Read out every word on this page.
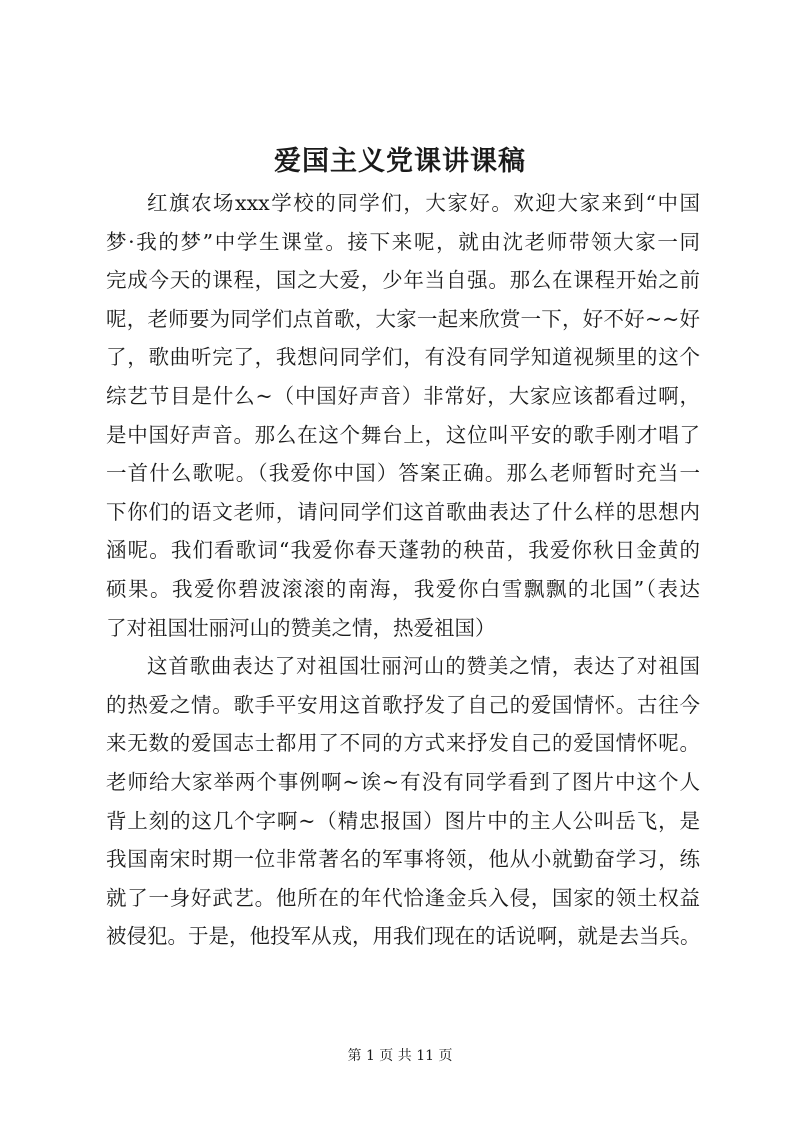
爱国主义党课讲课稿
红旗农场xxx学校的同学们，大家好。欢迎大家来到“中国
梦·我的梦”中学生课堂。接下来呢，就由沈老师带领大家一同
完成今天的课程，国之大爱，少年当自强。那么在课程开始之前
呢，老师要为同学们点首歌，大家一起来欣赏一下，好不好~~好
了，歌曲听完了，我想问同学们，有没有同学知道视频里的这个
综艺节目是什么~（中国好声音）非常好，大家应该都看过啊，
是中国好声音。那么在这个舞台上，这位叫平安的歌手刚才唱了
一首什么歌呢。（我爱你中国）答案正确。那么老师暂时充当一
下你们的语文老师，请问同学们这首歌曲表达了什么样的思想内
涵呢。我们看歌词“我爱你春天蓬勃的秧苗，我爱你秋日金黄的
硕果。我爱你碧波滚滚的南海，我爱你白雪飘飘的北国”（表达
了对祖国壮丽河山的赞美之情，热爱祖国）
这首歌曲表达了对祖国壮丽河山的赞美之情，表达了对祖国
的热爱之情。歌手平安用这首歌抒发了自己的爱国情怀。古往今
来无数的爱国志士都用了不同的方式来抒发自己的爱国情怀呢。
老师给大家举两个事例啊~诶~有没有同学看到了图片中这个人
背上刻的这几个字啊~（精忠报国）图片中的主人公叫岳飞，是
我国南宋时期一位非常著名的军事将领，他从小就勤奋学习，练
就了一身好武艺。他所在的年代恰逢金兵入侵，国家的领土权益
被侵犯。于是，他投军从戎，用我们现在的话说啊，就是去当兵。
第 1 页 共 11 页
